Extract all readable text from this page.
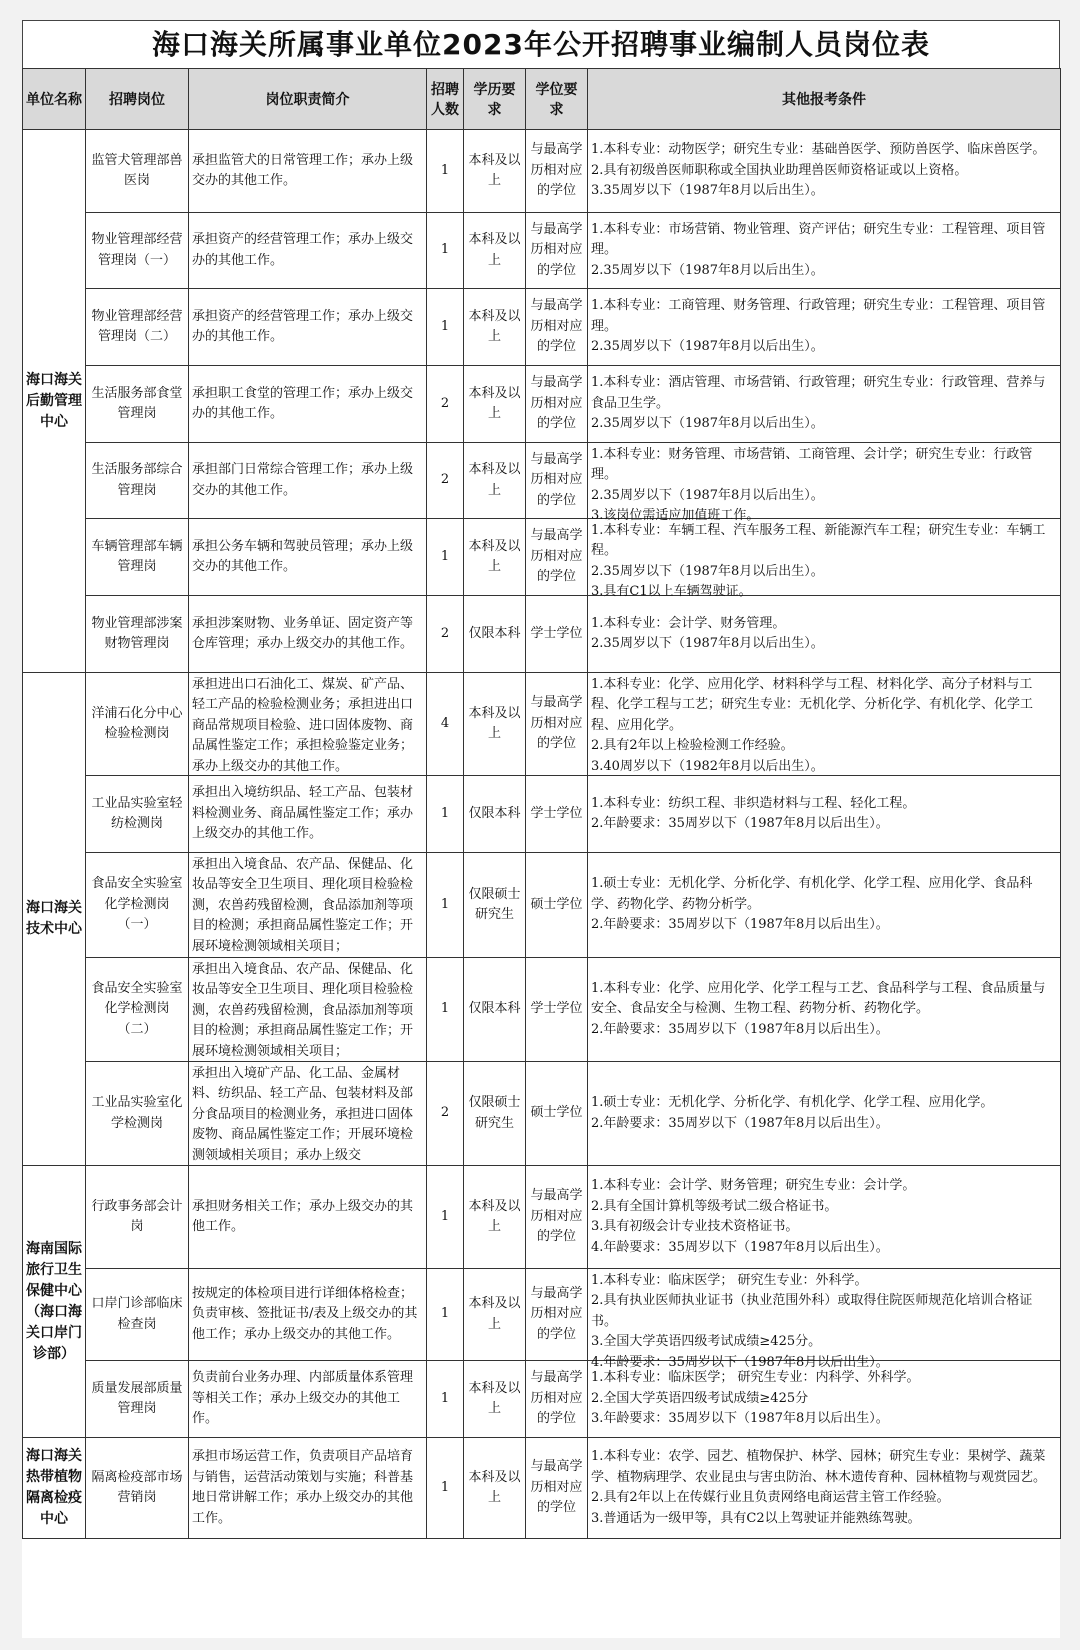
海口海关所属事业单位2023年公开招聘事业编制人员岗位表
单位名称	招聘岗位	岗位职责简介	招聘人数	学历要求	学位要求	其他报考条件
海口海关后勤管理中心	监管犬管理部兽医岗	承担监管犬的日常管理工作；承办上级交办的其他工作。	1	本科及以上	与最高学历相对应的学位	1.本科专业：动物医学；研究生专业：基础兽医学、预防兽医学、临床兽医学。
2.具有初级兽医师职称或全国执业助理兽医师资格证或以上资格。
3.35周岁以下（1987年8月以后出生）。

	物业管理部经营管理岗（一）	承担资产的经营管理工作；承办上级交办的其他工作。	1	本科及以上	与最高学历相对应的学位	1.本科专业：市场营销、物业管理、资产评估；研究生专业：工程管理、项目管理。
2.35周岁以下（1987年8月以后出生）。

	物业管理部经营管理岗（二）	承担资产的经营管理工作；承办上级交办的其他工作。	1	本科及以上	与最高学历相对应的学位	1.本科专业：工商管理、财务管理、行政管理；研究生专业：工程管理、项目管理。
2.35周岁以下（1987年8月以后出生）。

	生活服务部食堂管理岗	承担职工食堂的管理工作；承办上级交办的其他工作。	2	本科及以上	与最高学历相对应的学位	1.本科专业：酒店管理、市场营销、行政管理；研究生专业：行政管理、营养与食品卫生学。
2.35周岁以下（1987年8月以后出生）。

	生活服务部综合管理岗	承担部门日常综合管理工作；承办上级交办的其他工作。	2	本科及以上	与最高学历相对应的学位	1.本科专业：财务管理、市场营销、工商管理、会计学；研究生专业：行政管理。
2.35周岁以下（1987年8月以后出生）。
3.该岗位需适应加值班工作。

	车辆管理部车辆管理岗	承担公务车辆和驾驶员管理；承办上级交办的其他工作。	1	本科及以上	与最高学历相对应的学位	1.本科专业：车辆工程、汽车服务工程、新能源汽车工程；研究生专业：车辆工程。
2.35周岁以下（1987年8月以后出生）。
3.具有C1以上车辆驾驶证。

	物业管理部涉案财物管理岗	承担涉案财物、业务单证、固定资产等仓库管理；承办上级交办的其他工作。	2	仅限本科	学士学位	1.本科专业：会计学、财务管理。
2.35周岁以下（1987年8月以后出生）。

海口海关技术中心	洋浦石化分中心检验检测岗	承担进出口石油化工、煤炭、矿产品、轻工产品的检验检测业务；承担进出口商品常规项目检验、进口固体废物、商品属性鉴定工作；承担检验鉴定业务；承办上级交办的其他工作。	4	本科及以上	与最高学历相对应的学位	1.本科专业：化学、应用化学、材料科学与工程、材料化学、高分子材料与工程、化学工程与工艺；研究生专业：无机化学、分析化学、有机化学、化学工程、应用化学。
2.具有2年以上检验检测工作经验。
3.40周岁以下（1982年8月以后出生）。

	工业品实验室轻纺检测岗	承担出入境纺织品、轻工产品、包装材料检测业务、商品属性鉴定工作；承办上级交办的其他工作。	1	仅限本科	学士学位	1.本科专业：纺织工程、非织造材料与工程、轻化工程。
2.年龄要求：35周岁以下（1987年8月以后出生）。

	食品安全实验室化学检测岗（一）	承担出入境食品、农产品、保健品、化妆品等安全卫生项目、理化项目检验检测，农兽药残留检测，食品添加剂等项目的检测；承担商品属性鉴定工作；开展环境检测领域相关项目；	1	仅限硕士研究生	硕士学位	1.硕士专业：无机化学、分析化学、有机化学、化学工程、应用化学、食品科学、药物化学、药物分析学。
2.年龄要求：35周岁以下（1987年8月以后出生）。

	食品安全实验室化学检测岗（二）	承担出入境食品、农产品、保健品、化妆品等安全卫生项目、理化项目检验检测，农兽药残留检测，食品添加剂等项目的检测；承担商品属性鉴定工作；开展环境检测领域相关项目；	1	仅限本科	学士学位	1.本科专业：化学、应用化学、化学工程与工艺、食品科学与工程、食品质量与安全、食品安全与检测、生物工程、药物分析、药物化学。
2.年龄要求：35周岁以下（1987年8月以后出生）。

	工业品实验室化学检测岗	承担出入境矿产品、化工品、金属材料、纺织品、轻工产品、包装材料及部分食品项目的检测业务，承担进口固体废物、商品属性鉴定工作；开展环境检测领域相关项目；承办上级交	2	仅限硕士研究生	硕士学位	1.硕士专业：无机化学、分析化学、有机化学、化学工程、应用化学。
2.年龄要求：35周岁以下（1987年8月以后出生）。

海南国际旅行卫生保健中心（海口海关口岸门诊部）	行政事务部会计岗	承担财务相关工作；承办上级交办的其他工作。	1	本科及以上	与最高学历相对应的学位	1.本科专业：会计学、财务管理；研究生专业：会计学。
2.具有全国计算机等级考试二级合格证书。
3.具有初级会计专业技术资格证书。
4.年龄要求：35周岁以下（1987年8月以后出生）。

	口岸门诊部临床检查岗	按规定的体检项目进行详细体格检查；负责审核、签批证书/表及上级交办的其他工作；承办上级交办的其他工作。	1	本科及以上	与最高学历相对应的学位	1.本科专业：临床医学； 研究生专业：外科学。
2.具有执业医师执业证书（执业范围外科）或取得住院医师规范化培训合格证书。
3.全国大学英语四级考试成绩≥425分。
4.年龄要求：35周岁以下（1987年8月以后出生）。

	质量发展部质量管理岗	负责前台业务办理、内部质量体系管理等相关工作；承办上级交办的其他工作。	1	本科及以上	与最高学历相对应的学位	1.本科专业：临床医学； 研究生专业：内科学、外科学。
2.全国大学英语四级考试成绩≥425分
3.年龄要求：35周岁以下（1987年8月以后出生）。

海口海关热带植物隔离检疫中心	隔离检疫部市场营销岗	承担市场运营工作，负责项目产品培育与销售，运营活动策划与实施；科普基地日常讲解工作；承办上级交办的其他工作。	1	本科及以上	与最高学历相对应的学位	1.本科专业：农学、园艺、植物保护、林学、园林；研究生专业：果树学、蔬菜学、植物病理学、农业昆虫与害虫防治、林木遗传育种、园林植物与观赏园艺。
2.具有2年以上在传媒行业且负责网络电商运营主管工作经验。
3.普通话为一级甲等，具有C2以上驾驶证并能熟练驾驶。
